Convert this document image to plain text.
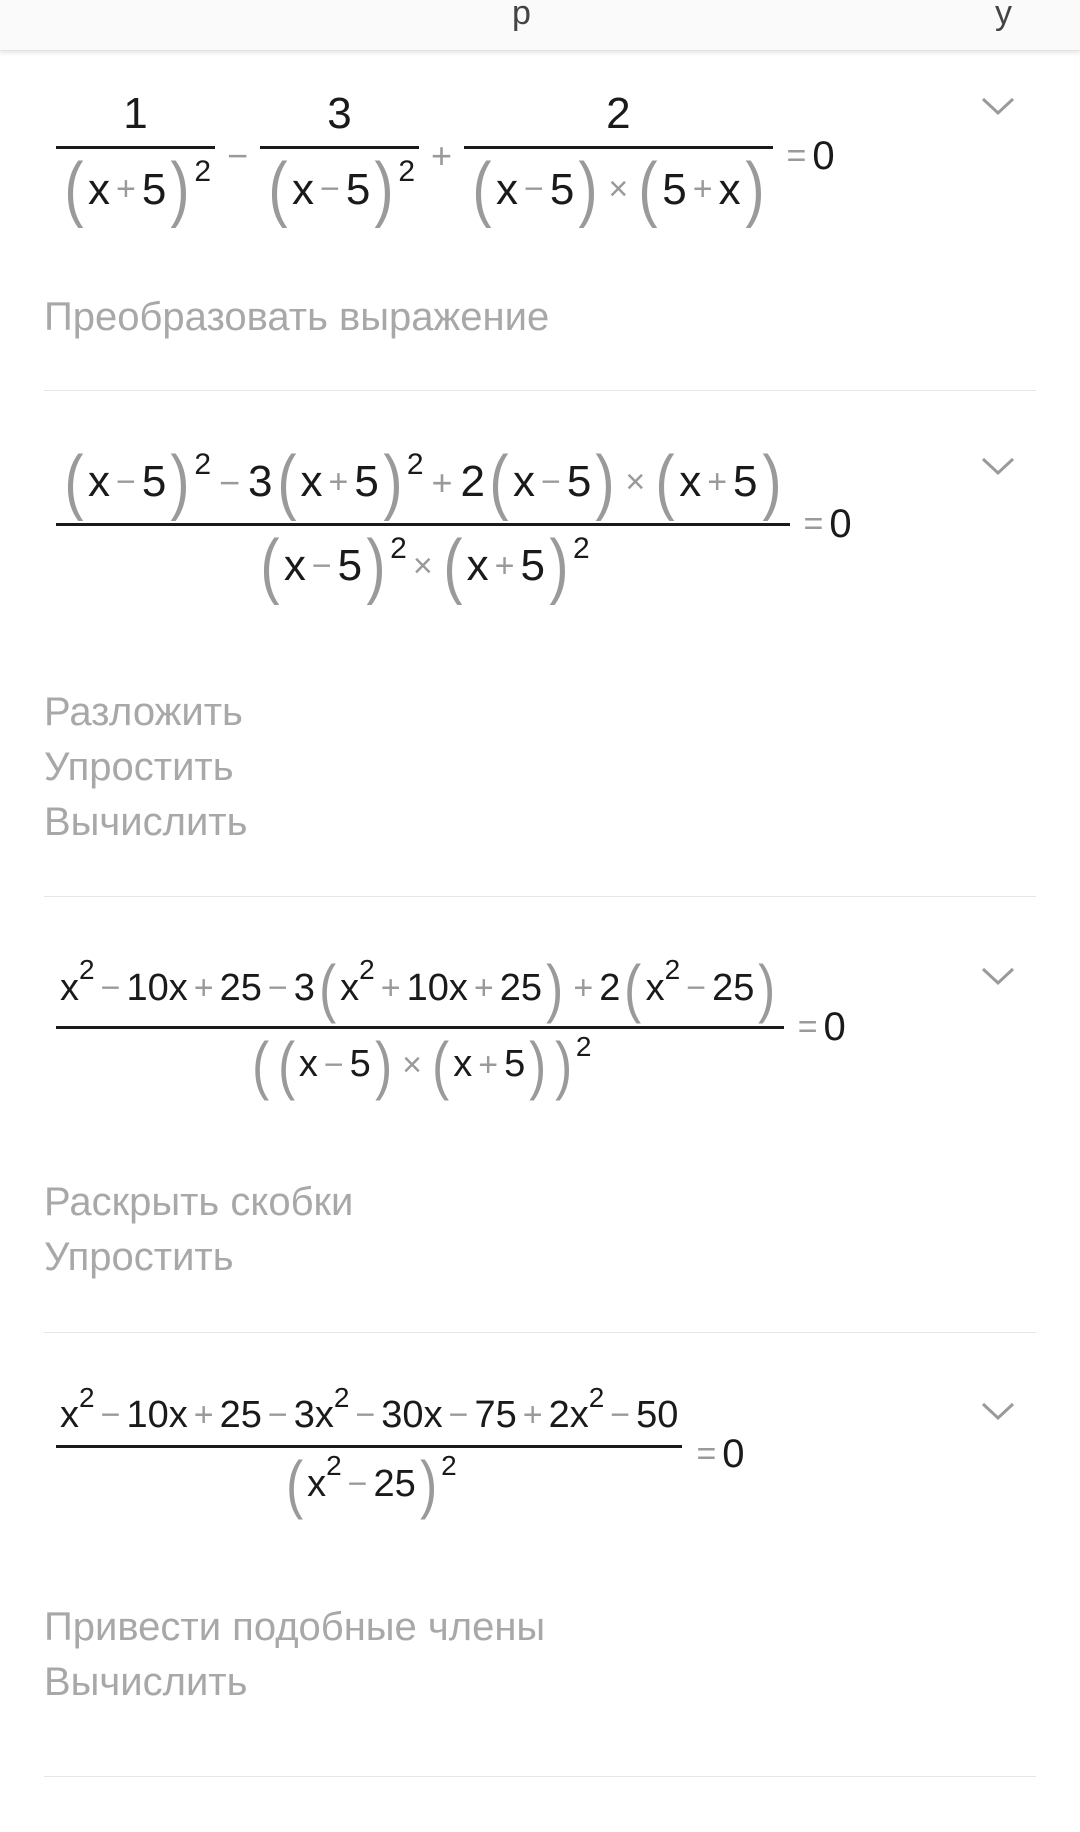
р	у
$\frac{1}{( x + 5 )^2} - \frac{3}{( x - 5 )^2} + \frac{2}{( x - 5 ) \times ( 5 + x )} = 0$
Преобразовать выражение
$\frac{( x - 5 )^2 - 3 ( x + 5 )^2 + 2 ( x - 5 ) \times ( x + 5 )}{( x - 5 )^2 \times ( x + 5 )^2} = 0$
Разложить
Упростить
Вычислить
$\frac{x^2 - 10x + 25 - 3 ( x^2 + 10x + 25 ) + 2 ( x^2 - 25 )}{( ( x - 5 ) \times ( x + 5 ) )^2} = 0$
Раскрыть скобки
Упростить
$\frac{x^2 - 10x + 25 - 3x^2 - 30x - 75 + 2x^2 - 50}{( x^2 - 25 )^2} = 0$
Привести подобные члены
Вычислить
